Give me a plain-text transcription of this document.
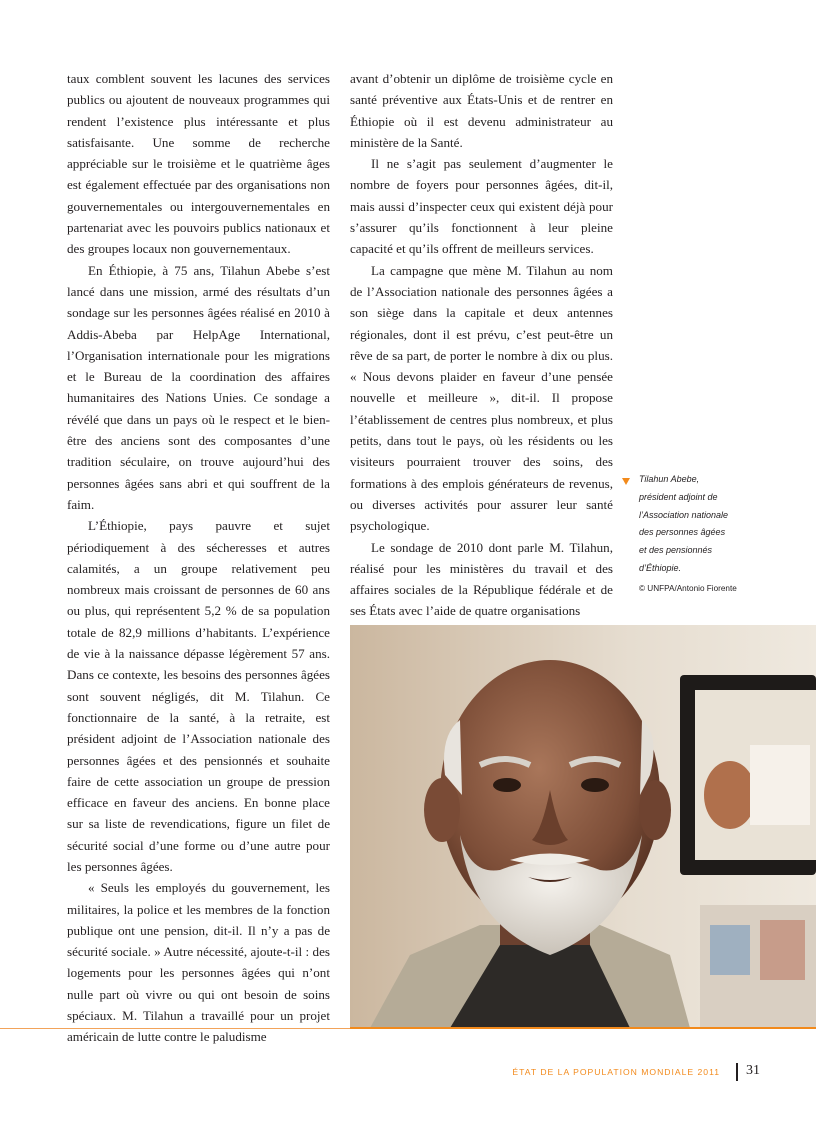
taux comblent souvent les lacunes des services publics ou ajoutent de nouveaux programmes qui rendent l’existence plus intéressante et plus satisfaisante. Une somme de recherche appréciable sur le troisième et le quatrième âges est également effectuée par des organisations non gouvernementales ou intergouvernementales en partenariat avec les pouvoirs publics nationaux et des groupes locaux non gouvernementaux.

En Éthiopie, à 75 ans, Tilahun Abebe s’est lancé dans une mission, armé des résultats d’un sondage sur les personnes âgées réalisé en 2010 à Addis-Abeba par HelpAge International, l’Organisation internationale pour les migrations et le Bureau de la coordination des affaires humanitaires des Nations Unies. Ce sondage a révélé que dans un pays où le respect et le bien-être des anciens sont des composantes d’une tradition séculaire, on trouve aujourd’hui des personnes âgées sans abri et qui souffrent de la faim.

L’Éthiopie, pays pauvre et sujet périodiquement à des sécheresses et autres calamités, a un groupe relativement peu nombreux mais croissant de personnes de 60 ans ou plus, qui représentent 5,2 % de sa population totale de 82,9 millions d’habitants. L’expérience de vie à la naissance dépasse légèrement 57 ans. Dans ce contexte, les besoins des personnes âgées sont souvent négligés, dit M. Tilahun. Ce fonctionnaire de la santé, à la retraite, est président adjoint de l’Association nationale des personnes âgées et des pensionnés et souhaite faire de cette association un groupe de pression efficace en faveur des anciens. En bonne place sur sa liste de revendications, figure un filet de sécurité social d’une forme ou d’une autre pour les personnes âgées.

« Seuls les employés du gouvernement, les militaires, la police et les membres de la fonction publique ont une pension, dit-il. Il n’y a pas de sécurité sociale. » Autre nécessité, ajoute-t-il : des logements pour les personnes âgées qui n’ont nulle part où vivre ou qui ont besoin de soins spéciaux. M. Tilahun a travaillé pour un projet américain de lutte contre le paludisme

avant d’obtenir un diplôme de troisième cycle en santé préventive aux États-Unis et de rentrer en Éthiopie où il est devenu administrateur au ministère de la Santé.

Il ne s’agit pas seulement d’augmenter le nombre de foyers pour personnes âgées, dit-il, mais aussi d’inspecter ceux qui existent déjà pour s’assurer qu’ils fonctionnent à leur pleine capacité et qu’ils offrent de meilleurs services.

La campagne que mène M. Tilahun au nom de l’Association nationale des personnes âgées a son siège dans la capitale et deux antennes régionales, dont il est prévu, c’est peut-être un rêve de sa part, de porter le nombre à dix ou plus. « Nous devons plaider en faveur d’une pensée nouvelle et meilleure », dit-il. Il propose l’établissement de centres plus nombreux, et plus petits, dans tout le pays, où les résidents ou les visiteurs pourraient trouver des soins, des formations à des emplois générateurs de revenus, ou diverses activités pour assurer leur santé psychologique.

Le sondage de 2010 dont parle M. Tilahun, réalisé pour les ministères du travail et des affaires sociales de la République fédérale et de ses États avec l’aide de quatre organisations

Tilahun Abebe,
président adjoint de
l’Association nationale
des personnes âgées
et des pensionnés
d’Éthiopie.
© UNFPA/Antonio Fiorente
ÉTAT DE LA POPULATION MONDIALE 2011 31
